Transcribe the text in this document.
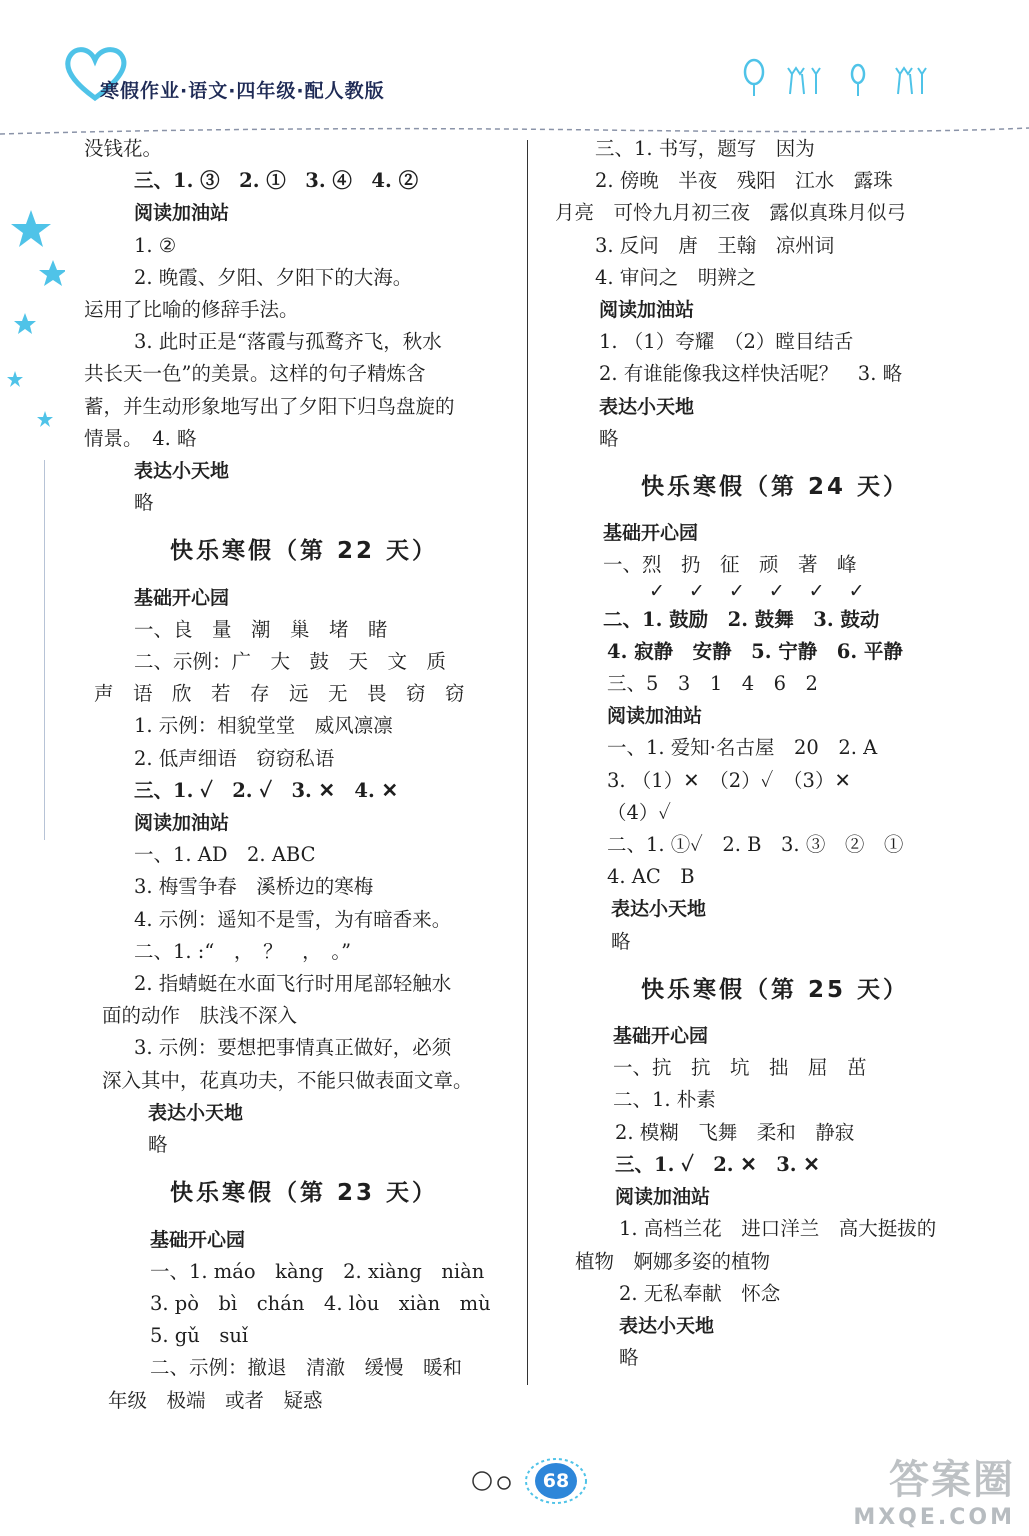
寒假作业·语文·四年级·配人教版
没钱花。
三、1. ③　2. ①　3. ④　4. ②
阅读加油站
1. ②
2. 晚霞、夕阳、夕阳下的大海。
运用了比喻的修辞手法。
3. 此时正是“落霞与孤鹜齐飞，秋水
共长天一色”的美景。这样的句子精炼含
蓄，并生动形象地写出了夕阳下归鸟盘旋的
情景。　4. 略
表达小天地
略
快乐寒假（第 22 天）
基础开心园
一、良　量　潮　巢　堵　睹
二、示例：广　大　鼓　天　文　质
声　语　欣　若　存　远　无　畏　窃　窃
1. 示例：相貌堂堂　威风凛凛
2. 低声细语　窃窃私语
三、1. ✓　2. ✓　3. ✕　4. ✕
阅读加油站
一、1. AD　2. ABC
3. 梅雪争春　溪桥边的寒梅
4. 示例：遥知不是雪，为有暗香来。
二、1. :“　，　？　，　。”
2. 指蜻蜓在水面飞行时用尾部轻触水
面的动作　肤浅不深入
3. 示例：要想把事情真正做好，必须
深入其中，花真功夫，不能只做表面文章。
表达小天地
略
快乐寒假（第 23 天）
基础开心园
一、1. máo　kàng　2. xiàng　niàn
3. pò　bì　chán　4. lòu　xiàn　mù
5. gǔ　suǐ
二、示例：撤退　清澈　缓慢　暖和
年级　极端　或者　疑惑
三、1. 书写，题写　因为
2. 傍晚　半夜　残阳　江水　露珠
月亮　可怜九月初三夜　露似真珠月似弓
3. 反问　唐　王翰　凉州词
4. 审问之　明辨之
阅读加油站
1. （1）夸耀　（2）瞠目结舌
2. 有谁能像我这样快活呢？　3. 略
表达小天地
略
快乐寒假（第 24 天）
基础开心园
一、烈　扔　征　顽　著　峰
✓✓✓✓✓✓
二、1. 鼓励　2. 鼓舞　3. 鼓动
4. 寂静　安静　5. 宁静　6. 平静
三、5　3　1　4　6　2
阅读加油站
一、1. 爱知·名古屋　20　2. A
3. （1）✕　（2）✓　（3）✕
（4）✓
二、1. ①✓　2. B　3. ③　②　①
4. AC　B
表达小天地
略
快乐寒假（第 25 天）
基础开心园
一、抗　抗　坑　拙　屈　茁
二、1. 朴素
2. 模糊　飞舞　柔和　静寂
三、1. ✓　2. ✕　3. ✕
阅读加油站
1. 高档兰花　进口洋兰　高大挺拔的
植物　婀娜多姿的植物
2. 无私奉献　怀念
表达小天地
略
68	答案圈
MXQE.COM
